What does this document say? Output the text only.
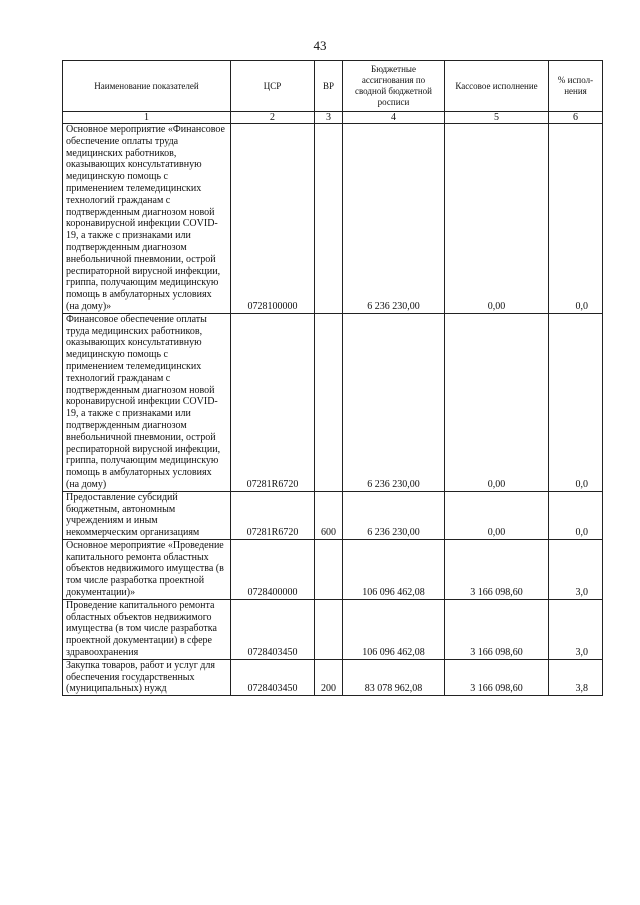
43
Наименование показателей	ЦСР	ВР	Бюджетные ассигнования по сводной бюджетной росписи	Кассовое исполнение	% испол-нения
1	2	3	4	5	6
Основное мероприятие «Финансовое обеспечение оплаты труда медицинских работников, оказывающих консультативную медицинскую помощь с применением телемедицинских технологий гражданам с подтвержденным диагнозом новой коронавирусной инфекции COVID-19, а также с признаками или подтвержденным диагнозом внебольничной пневмонии, острой респираторной вирусной инфекции, гриппа, получающим медицинскую помощь в амбулаторных условиях (на дому)»	0728100000		6 236 230,00	0,00	0,0
Финансовое обеспечение оплаты труда медицинских работников, оказывающих консультативную медицинскую помощь с применением телемедицинских технологий гражданам с подтвержденным диагнозом новой коронавирусной инфекции COVID-19, а также с признаками или подтвержденным диагнозом внебольничной пневмонии, острой респираторной вирусной инфекции, гриппа, получающим медицинскую помощь в амбулаторных условиях (на дому)	07281R6720		6 236 230,00	0,00	0,0
Предоставление субсидий бюджетным, автономным учреждениям и иным некоммерческим организациям	07281R6720	600	6 236 230,00	0,00	0,0
Основное мероприятие «Проведение капитального ремонта областных объектов недвижимого имущества (в том числе разработка проектной документации)»	0728400000		106 096 462,08	3 166 098,60	3,0
Проведение капитального ремонта областных объектов недвижимого имущества (в том числе разработка проектной документации) в сфере здравоохранения	0728403450		106 096 462,08	3 166 098,60	3,0
Закупка товаров, работ и услуг для обеспечения государственных (муниципальных) нужд	0728403450	200	83 078 962,08	3 166 098,60	3,8
